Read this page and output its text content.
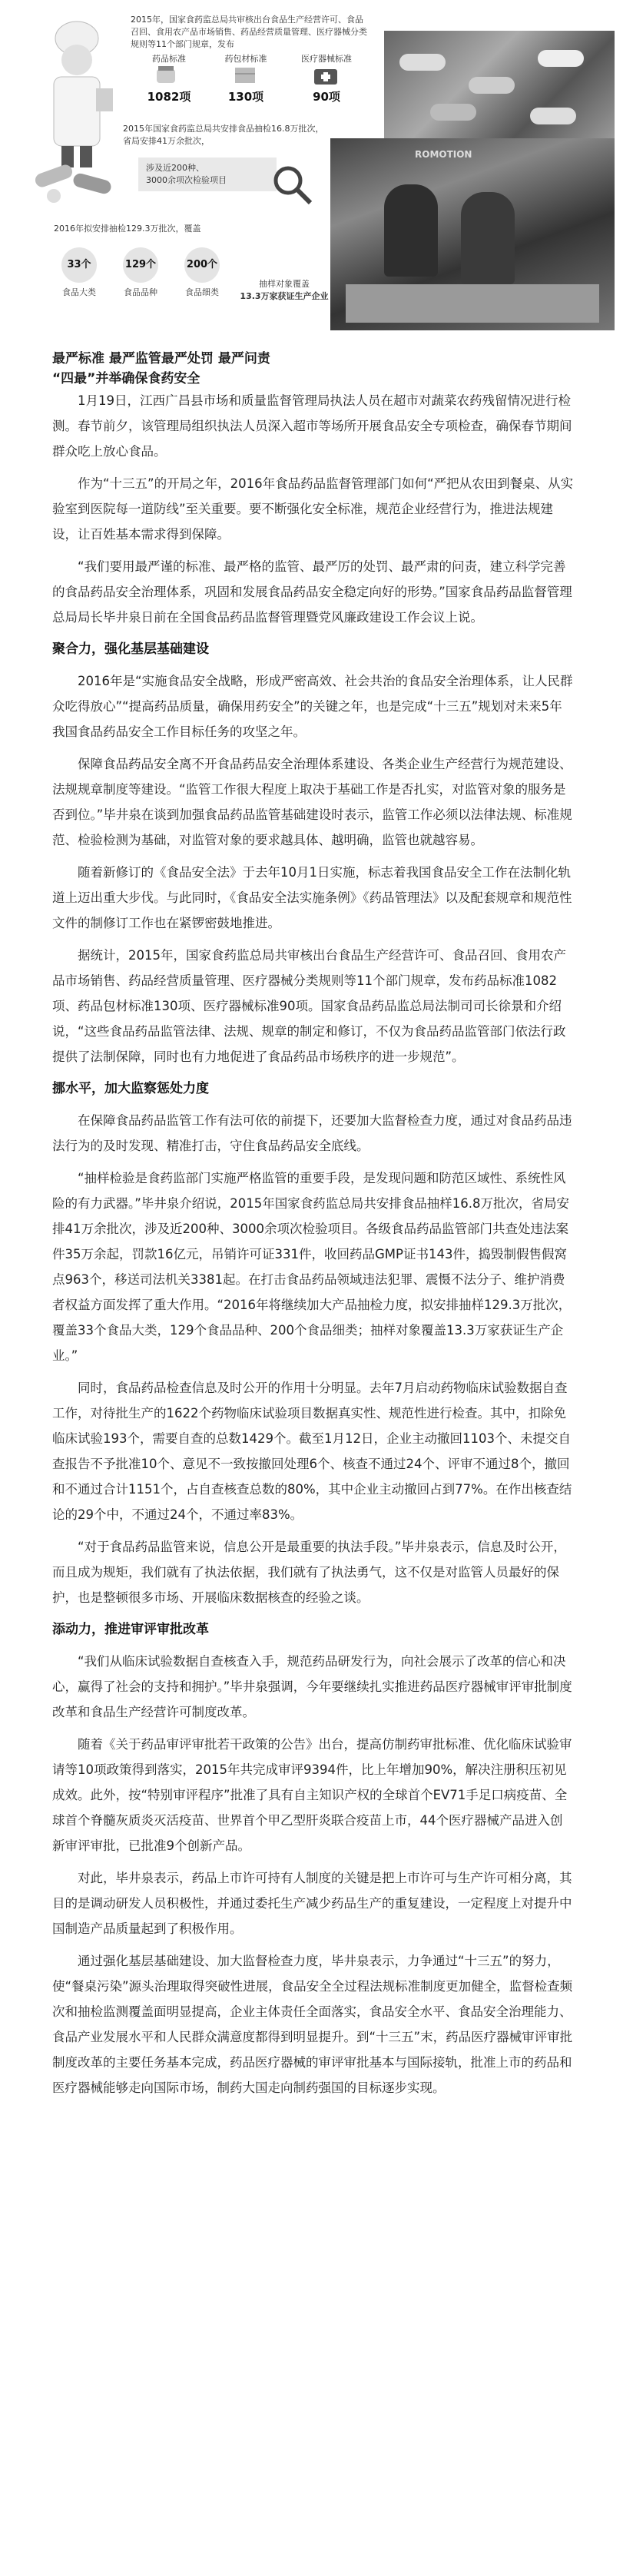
2015年，国家食药监总局共审核出台食品生产经营许可、食品召回、食用农产品市场销售、药品经营质量管理、医疗器械分类规则等11个部门规章，发布
药品标准
1082项
药包材标准
130项
医疗器械标准
90项
2015年国家食药监总局共安排食品抽检16.8万批次，
省局安排41万余批次，
涉及近200种、
3000余项次检验项目
2016年拟安排抽检129.3万批次，覆盖
33个
食品大类
129个
食品品种
200个
食品细类
抽样对象覆盖
13.3万家获证生产企业
ROMOTION
最严标准 最严监管最严处罚 最严问责
“四最”并举确保食药安全

1月19日，江西广昌县市场和质量监督管理局执法人员在超市对蔬菜农药残留情况进行检测。春节前夕，该管理局组织执法人员深入超市等场所开展食品安全专项检查，确保春节期间群众吃上放心食品。

作为“十三五”的开局之年，2016年食品药品监督管理部门如何“严把从农田到餐桌、从实验室到医院每一道防线”至关重要。要不断强化安全标准，规范企业经营行为，推进法规建设，让百姓基本需求得到保障。

“我们要用最严谨的标准、最严格的监管、最严厉的处罚、最严肃的问责，建立科学完善的食品药品安全治理体系，巩固和发展食品药品安全稳定向好的形势。”国家食品药品监督管理总局局长毕井泉日前在全国食品药品监督管理暨党风廉政建设工作会议上说。

聚合力，强化基层基础建设

2016年是“实施食品安全战略，形成严密高效、社会共治的食品安全治理体系，让人民群众吃得放心”“提高药品质量，确保用药安全”的关键之年，也是完成“十三五”规划对未来5年我国食品药品安全工作目标任务的攻坚之年。

保障食品药品安全离不开食品药品安全治理体系建设、各类企业生产经营行为规范建设、法规规章制度等建设。“监管工作很大程度上取决于基础工作是否扎实，对监管对象的服务是否到位。”毕井泉在谈到加强食品药品监管基础建设时表示，监管工作必须以法律法规、标准规范、检验检测为基础，对监管对象的要求越具体、越明确，监管也就越容易。

随着新修订的《食品安全法》于去年10月1日实施，标志着我国食品安全工作在法制化轨道上迈出重大步伐。与此同时，《食品安全法实施条例》《药品管理法》以及配套规章和规范性文件的制修订工作也在紧锣密鼓地推进。

据统计，2015年，国家食药监总局共审核出台食品生产经营许可、食品召回、食用农产品市场销售、药品经营质量管理、医疗器械分类规则等11个部门规章，发布药品标准1082项、药品包材标准130项、医疗器械标准90项。国家食品药品监总局法制司司长徐景和介绍说，“这些食品药品监管法律、法规、规章的制定和修订，不仅为食品药品监管部门依法行政提供了法制保障，同时也有力地促进了食品药品市场秩序的进一步规范”。

挪水平，加大监察惩处力度

在保障食品药品监管工作有法可依的前提下，还要加大监督检查力度，通过对食品药品违法行为的及时发现、精准打击，守住食品药品安全底线。

“抽样检验是食药监部门实施严格监管的重要手段，是发现问题和防范区域性、系统性风险的有力武器。”毕井泉介绍说，2015年国家食药监总局共安排食品抽样16.8万批次，省局安排41万余批次，涉及近200种、3000余项次检验项目。各级食品药品监管部门共查处违法案件35万余起，罚款16亿元，吊销许可证331件，收回药品GMP证书143件，捣毁制假售假窝点963个，移送司法机关3381起。在打击食品药品领域违法犯罪、震慑不法分子、维护消费者权益方面发挥了重大作用。“2016年将继续加大产品抽检力度，拟安排抽样129.3万批次，覆盖33个食品大类，129个食品品种、200个食品细类；抽样对象覆盖13.3万家获证生产企业。”

同时，食品药品检查信息及时公开的作用十分明显。去年7月启动药物临床试验数据自查工作，对待批生产的1622个药物临床试验项目数据真实性、规范性进行检查。其中，扣除免临床试验193个，需要自查的总数1429个。截至1月12日，企业主动撤回1103个、未提交自查报告不予批准10个、意见不一致按撤回处理6个、核查不通过24个、评审不通过8个，撤回和不通过合计1151个，占自查核查总数的80%，其中企业主动撤回占到77%。在作出核查结论的29个中，不通过24个，不通过率83%。

“对于食品药品监管来说，信息公开是最重要的执法手段。”毕井泉表示，信息及时公开，而且成为规矩，我们就有了执法依据，我们就有了执法勇气，这不仅是对监管人员最好的保护，也是整顿很多市场、开展临床数据核查的经验之谈。

添动力，推进审评审批改革

“我们从临床试验数据自查核查入手，规范药品研发行为，向社会展示了改革的信心和决心，赢得了社会的支持和拥护。”毕井泉强调，今年要继续扎实推进药品医疗器械审评审批制度改革和食品生产经营许可制度改革。

随着《关于药品审评审批若干政策的公告》出台，提高仿制药审批标准、优化临床试验审请等10项政策得到落实，2015年共完成审评9394件，比上年增加90%，解决注册积压初见成效。此外，按“特别审评程序”批准了具有自主知识产权的全球首个EV71手足口病疫苗、全球首个脊髓灰质炎灭活疫苗、世界首个甲乙型肝炎联合疫苗上市，44个医疗器械产品进入创新审评审批，已批准9个创新产品。

对此，毕井泉表示，药品上市许可持有人制度的关键是把上市许可与生产许可相分离，其目的是调动研发人员积极性，并通过委托生产减少药品生产的重复建设，一定程度上对提升中国制造产品质量起到了积极作用。

通过强化基层基础建设、加大监督检查力度，毕井泉表示，力争通过“十三五”的努力，使“餐桌污染”源头治理取得突破性进展，食品安全全过程法规标准制度更加健全，监督检查频次和抽检监测覆盖面明显提高，企业主体责任全面落实，食品安全水平、食品安全治理能力、食品产业发展水平和人民群众满意度都得到明显提升。到“十三五”末，药品医疗器械审评审批制度改革的主要任务基本完成，药品医疗器械的审评审批基本与国际接轨，批准上市的药品和医疗器械能够走向国际市场，制药大国走向制药强国的目标逐步实现。
